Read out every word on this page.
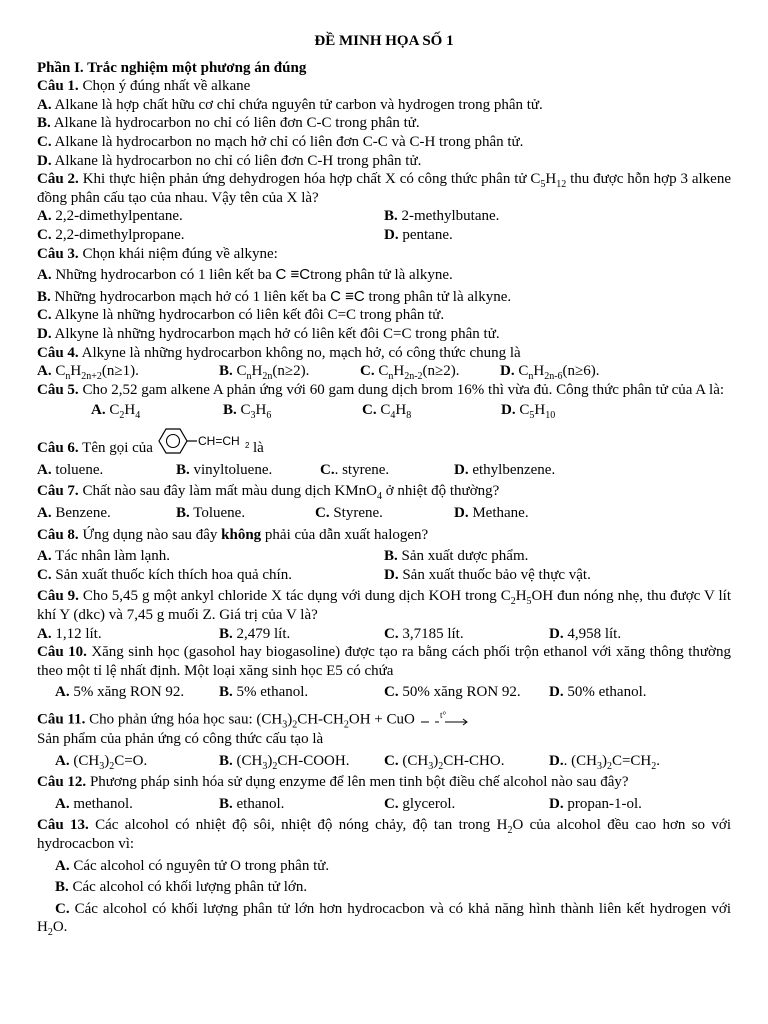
ĐỀ MINH HỌA SỐ 1
Phần I. Trắc nghiệm một phương án đúng
Câu 1. Chọn ý đúng nhất về alkane
A. Alkane là hợp chất hữu cơ chỉ chứa nguyên tử carbon và hydrogen trong phân tử.
B. Alkane là hydrocarbon no chỉ có liên đơn C-C trong phân tử.
C. Alkane là hydrocarbon no mạch hở chỉ có liên đơn C-C và C-H trong phân tử.
D. Alkane là hydrocarbon no chỉ có liên đơn C-H trong phân tử.
Câu 2. Khi thực hiện phản ứng dehydrogen hóa hợp chất X có công thức phân tử $C_5H_{12}$ thu được hỗn hợp 3 alkene đồng phân cấu tạo của nhau. Vậy tên của X là?
A. 2,2-dimethylpentane.	B. 2-methylbutane.
C. 2,2-dimethylpropane.	D. pentane.
Câu 3. Chọn khái niệm đúng về alkyne:
A. Những hydrocarbon có 1 liên kết ba C ≡Ctrong phân tử là alkyne.
B. Những hydrocarbon mạch hở có 1 liên kết ba C ≡C trong phân tử là alkyne.
C. Alkyne là những hydrocarbon có liên kết đôi C=C trong phân tử.
D. Alkyne là những hydrocarbon mạch hở có liên kết đôi C=C trong phân tử.
Câu 4. Alkyne là những hydrocarbon không no, mạch hở, có công thức chung là
A. $C_nH_{2n+2}(n\ge 1)$.	B. $C_nH_{2n}(n\ge 2)$.	C. $C_nH_{2n-2}(n\ge 2)$.	D. $C_nH_{2n-6}(n\ge 6)$.
Câu 5. Cho 2,52 gam alkene A phản ứng với 60 gam dung dịch brom 16% thì vừa đủ. Công thức phân tử của A là:
A. $C_2H_4$	B. $C_3H_6$	C. $C_4H_8$	D. $C_5H_{10}$
Câu 6. Tên gọi của	CH=CH 2 là
A. toluene.	B. vinyltoluene.	C.. styrene.	D. ethylbenzene.
Câu 7. Chất nào sau đây làm mất màu dung dịch KMnO$_4$ ở nhiệt độ thường?
A. Benzene.	B. Toluene.	C. Styrene.	D. Methane.
Câu 8. Ứng dụng nào sau đây không phải của dẫn xuất halogen?
A. Tác nhân làm lạnh.	B. Sản xuất dược phẩm.
C. Sản xuất thuốc kích thích hoa quả chín.	D. Sản xuất thuốc bảo vệ thực vật.
Câu 9. Cho 5,45 g một ankyl chloride X tác dụng với dung dịch KOH trong $C_2H_5OH$ đun nóng nhẹ, thu được V lít khí Y (dkc) và 7,45 g muối Z. Giá trị của V là?
A. 1,12 lít.	B. 2,479 lít.	C. 3,7185 lít.	D. 4,958 lít.
Câu 10. Xăng sinh học (gasohol hay biogasoline) được tạo ra bằng cách phối trộn ethanol với xăng thông thường theo một tỉ lệ nhất định. Một loại xăng sinh học E5 có chứa
A. 5% xăng RON 92.	B. 5% ethanol.	C. 50% xăng RON 92.	D. 50% ethanol.
Câu 11. Cho phản ứng hóa học sau: $(CH_3)_2CH-CH_2OH$ + CuO t°
Sản phẩm của phản ứng có công thức cấu tạo là
A. $(CH_3)_2C=O$.	B. $(CH_3)_2CH$-COOH.	C. $(CH_3)_2CH$-CHO.	D.. $(CH_3)_2C=CH_2$.
Câu 12. Phương pháp sinh hóa sử dụng enzyme để lên men tinh bột điều chế alcohol nào sau đây?
A. methanol.	B. ethanol.	C. glycerol.	D. propan-1-ol.
Câu 13. Các alcohol có nhiệt độ sôi, nhiệt độ nóng chảy, độ tan trong $H_2O$ của alcohol đều cao hơn so với hydrocacbon vì:
A. Các alcohol có nguyên tử O trong phân tử.
B. Các alcohol có khối lượng phân tử lớn.
C. Các alcohol có khối lượng phân tử lớn hơn hydrocacbon và có khả năng hình thành liên kết hydrogen với $H_2O$.
